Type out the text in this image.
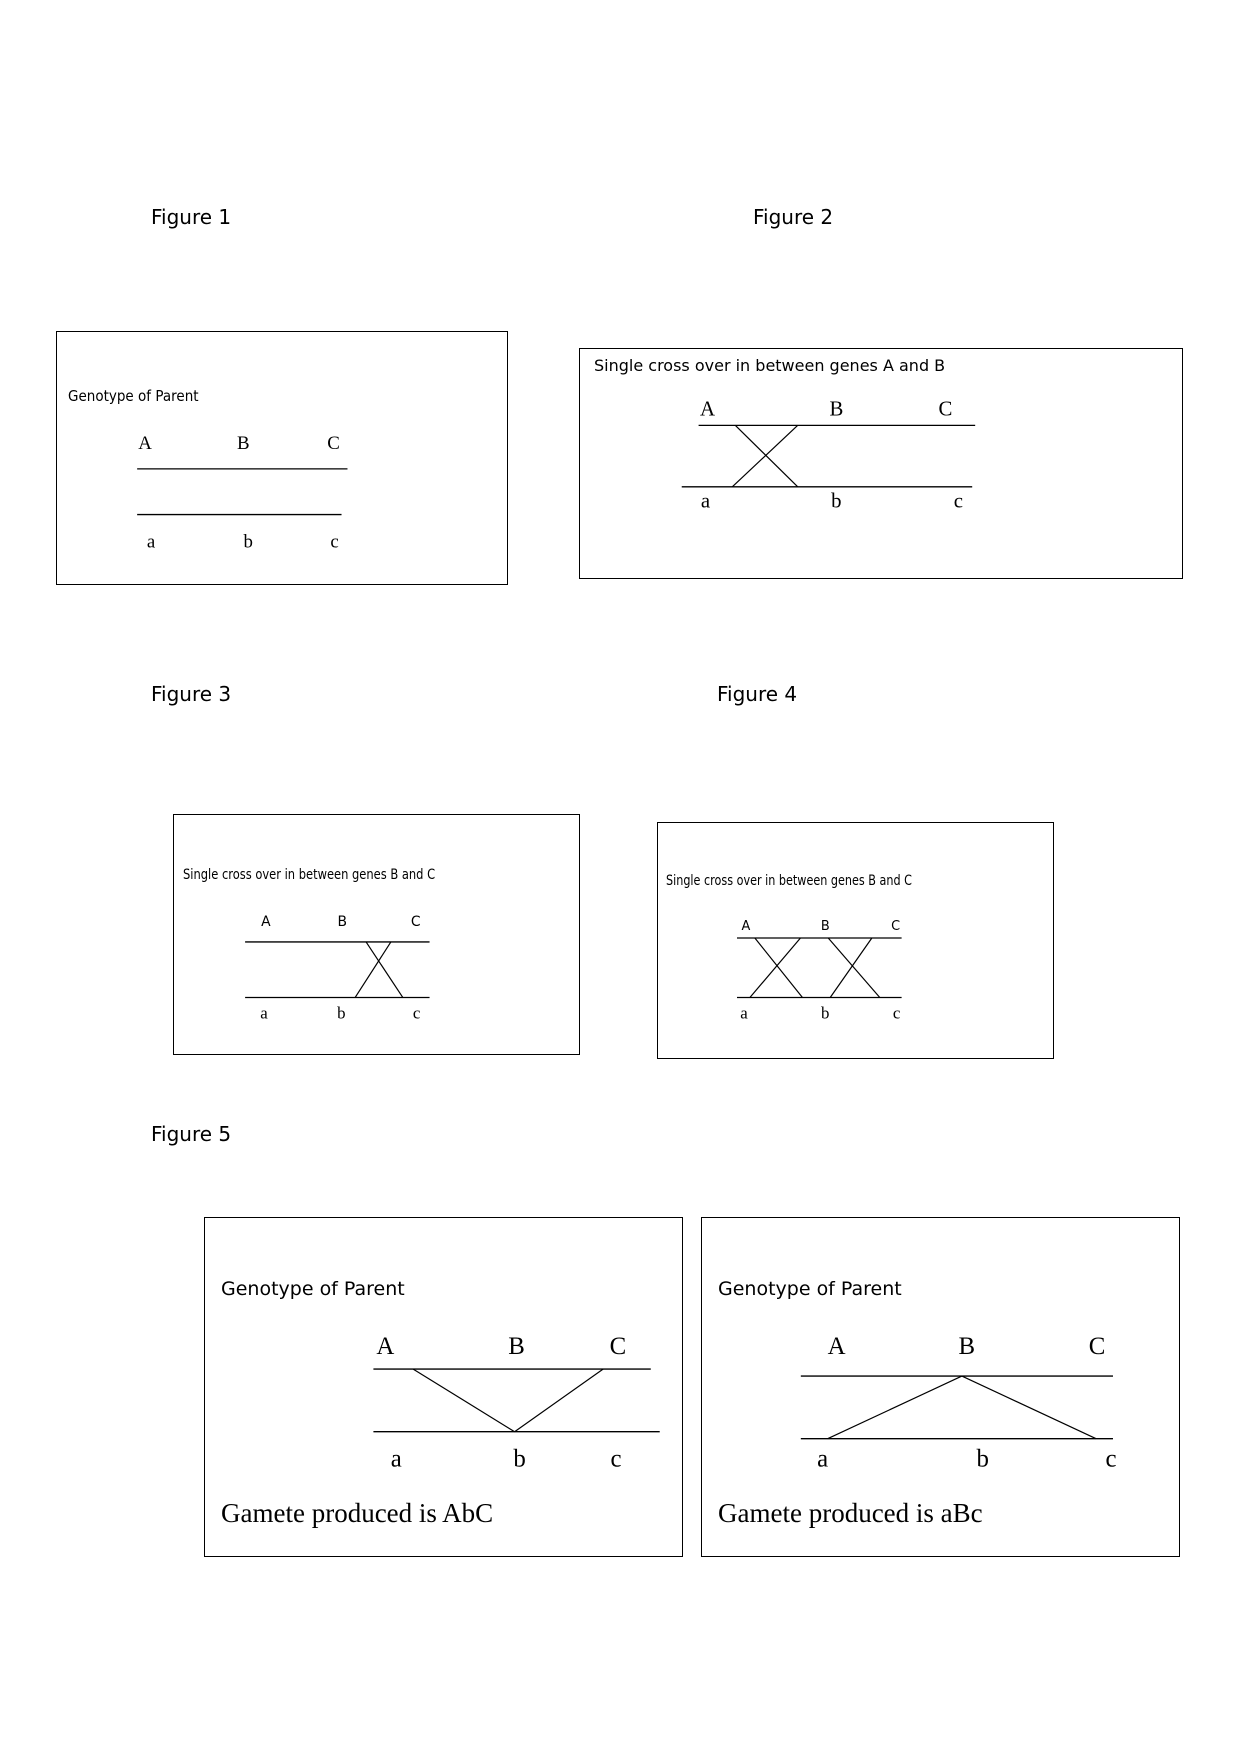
Figure 1	Figure 2
Figure 3	Figure 4
Figure 5
Genotype of Parent
A	B	C
a	b	c
Single cross over in between genes A and B
A	B	C
a	b	c
Single cross over in between genes B and C
A	B	C
a	b	c
Single cross over in between genes B and C
A	B	C
a	b	c
Genotype of Parent
A	B	C
a	b	c
Gamete produced is AbC
Genotype of Parent
A	B	C
a	b	c
Gamete produced is aBc
